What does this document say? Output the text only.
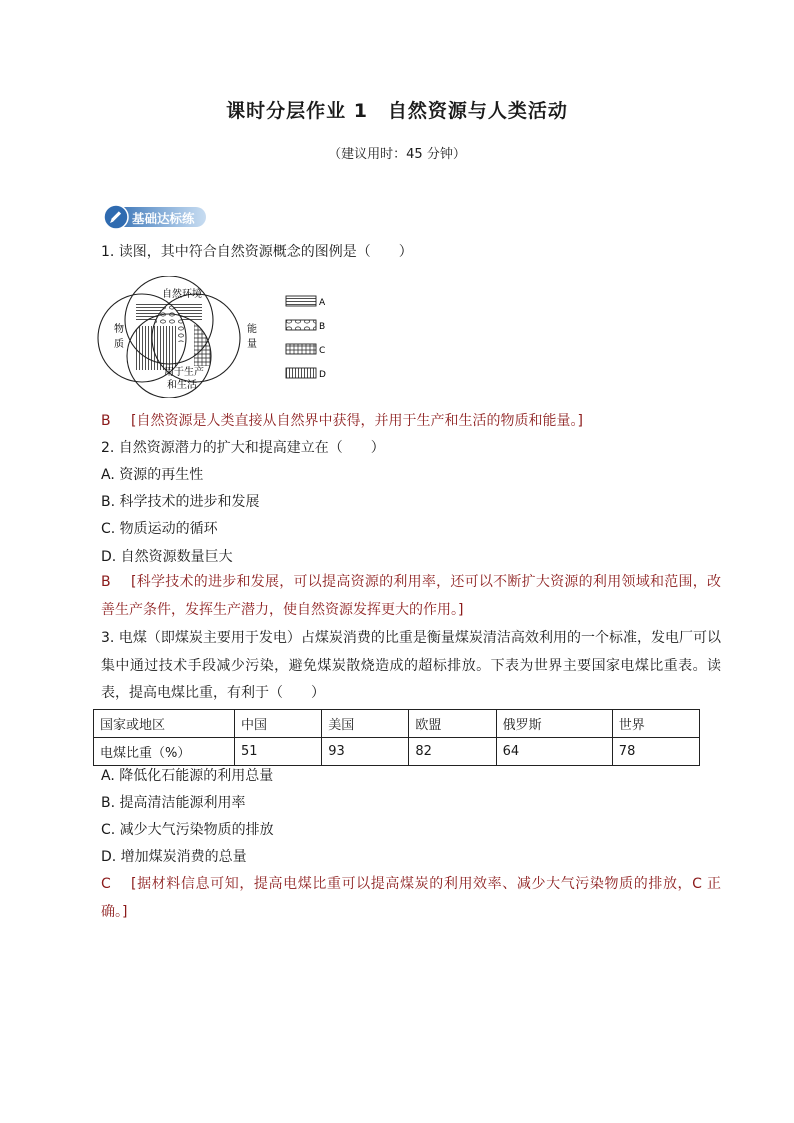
课时分层作业 1　自然资源与人类活动
（建议用时：45 分钟）
基础达标练
1. 读图，其中符合自然资源概念的图例是（　　）
自然环境
物
质
能
量
用于生产
和生活
A
B
C
D
B [自然资源是人类直接从自然界中获得，并用于生产和生活的物质和能量。]
2. 自然资源潜力的扩大和提高建立在（　　）
A. 资源的再生性
B. 科学技术的进步和发展
C. 物质运动的循环
D. 自然资源数量巨大
B [科学技术的进步和发展，可以提高资源的利用率，还可以不断扩大资源的利用领域和范围，改善生产条件，发挥生产潜力，使自然资源发挥更大的作用。]
3. 电煤（即煤炭主要用于发电）占煤炭消费的比重是衡量煤炭清洁高效利用的一个标准，发电厂可以集中通过技术手段减少污染，避免煤炭散烧造成的超标排放。下表为世界主要国家电煤比重表。读表，提高电煤比重，有利于（　　）
国家或地区	中国	美国	欧盟	俄罗斯	世界
电煤比重（%）	51	93	82	64	78
A. 降低化石能源的利用总量
B. 提高清洁能源利用率
C. 减少大气污染物质的排放
D. 增加煤炭消费的总量
C [据材料信息可知，提高电煤比重可以提高煤炭的利用效率、减少大气污染物质的排放，C 正确。]
